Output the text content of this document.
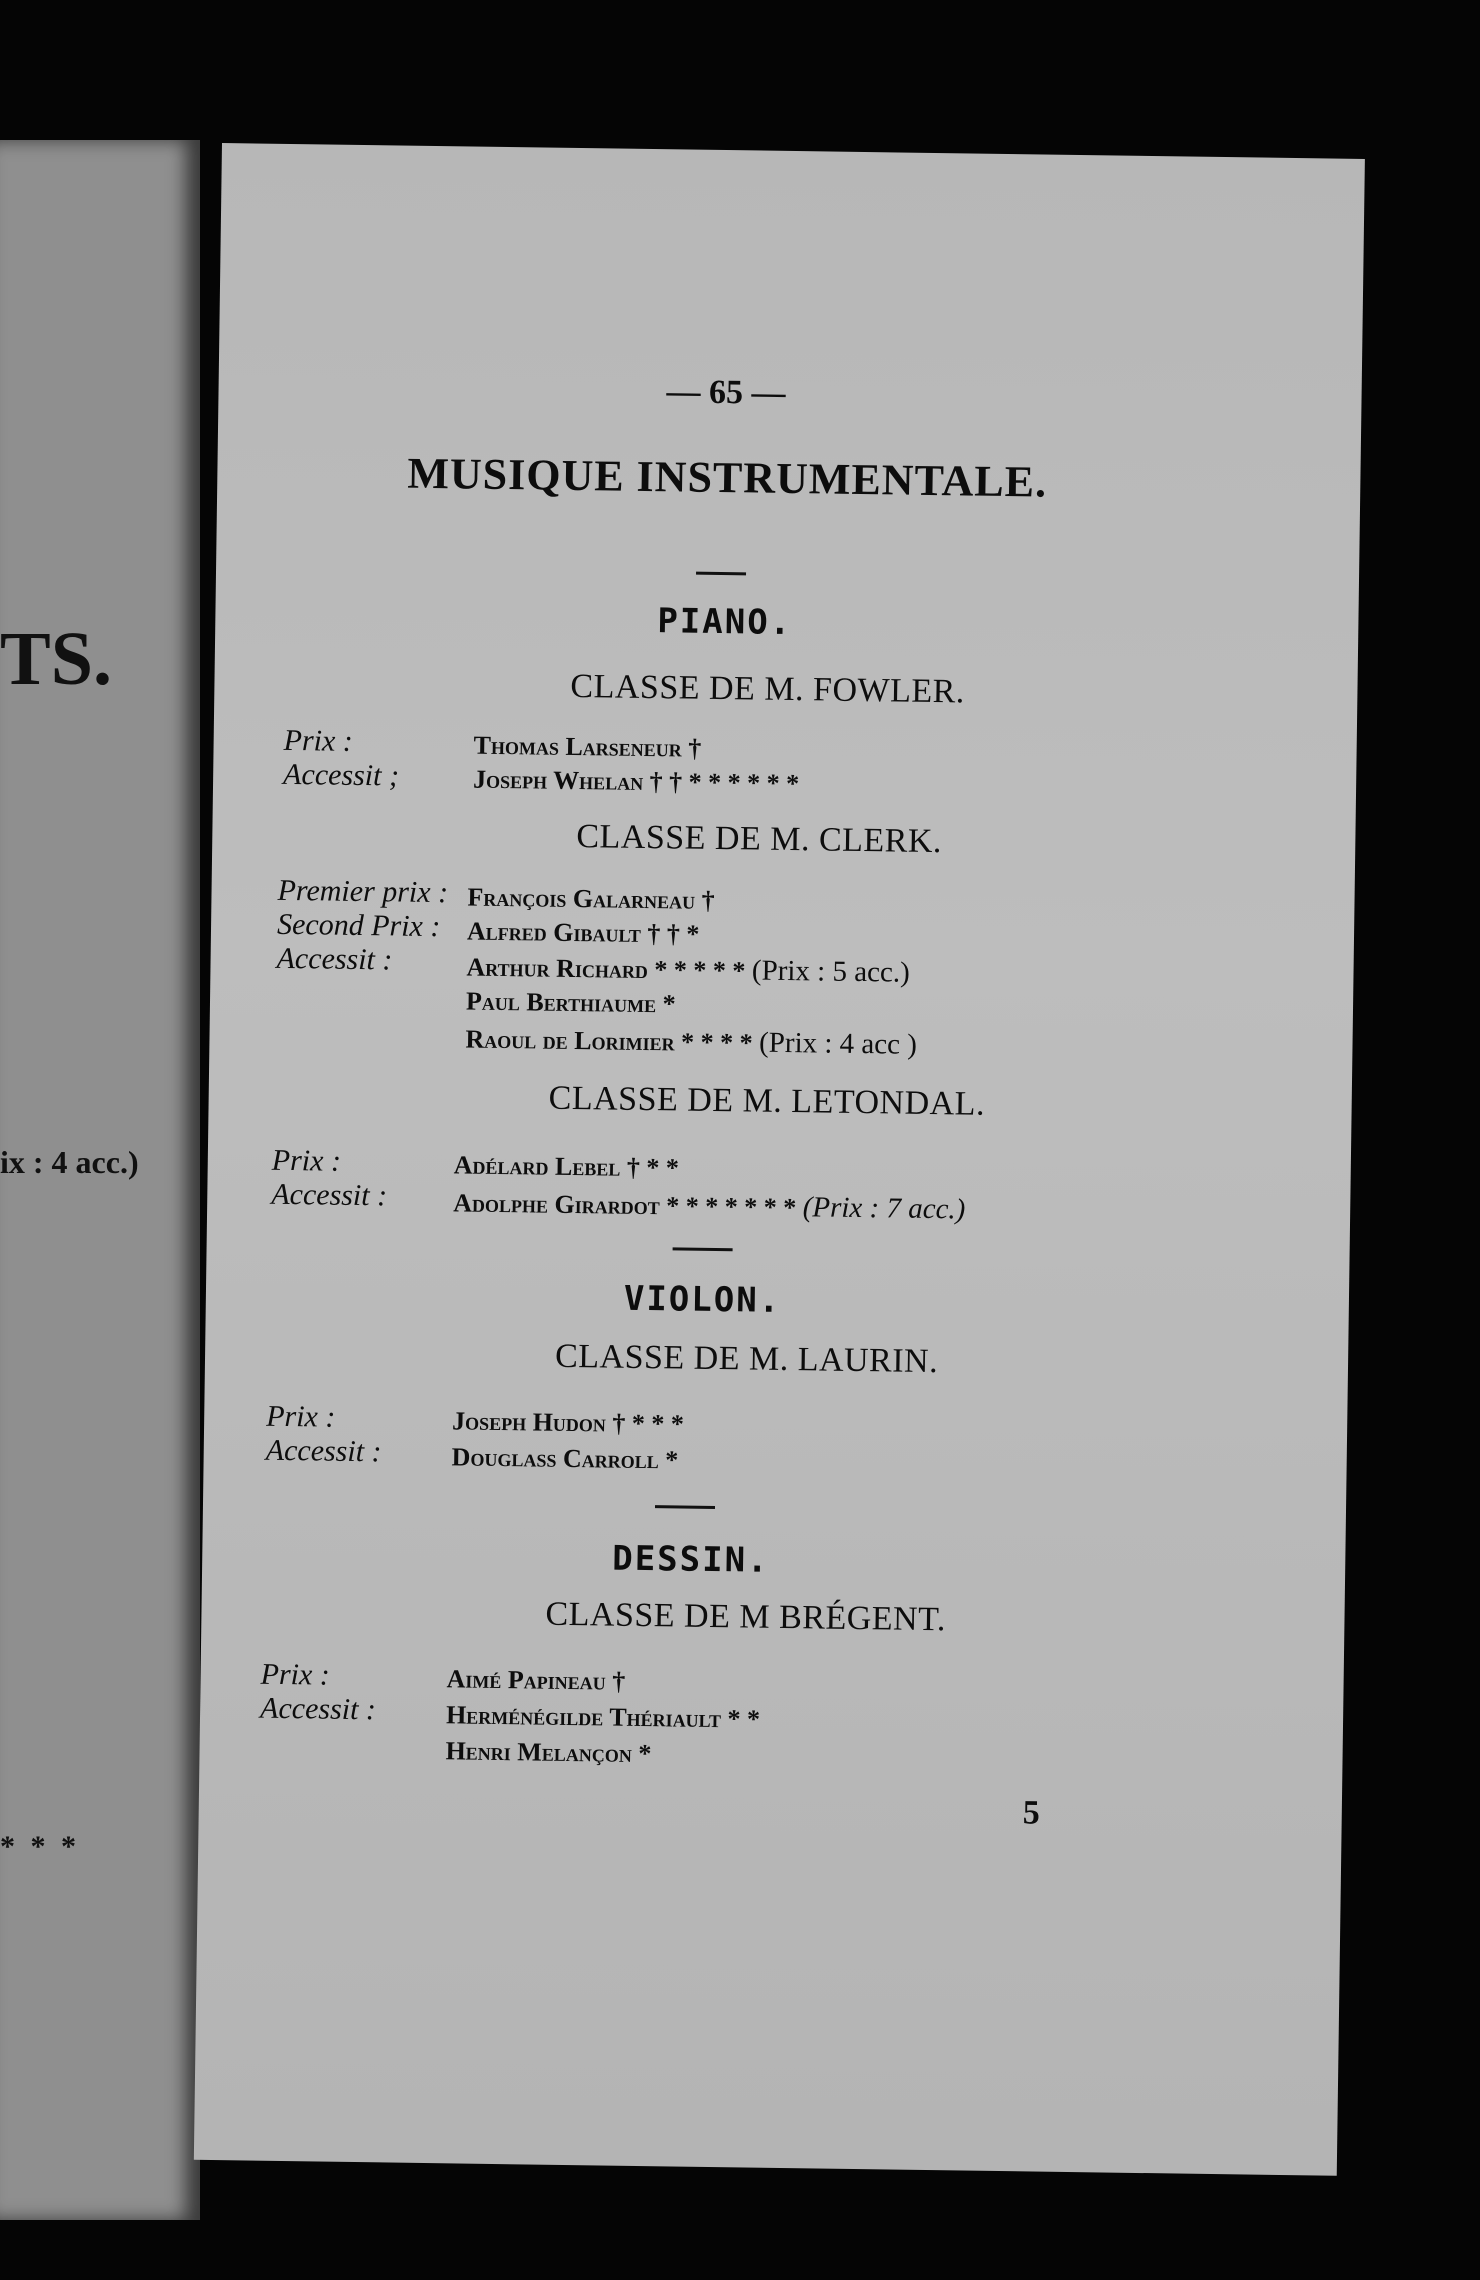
TS.
ix : 4 acc.)
* * *
— 65 —
MUSIQUE INSTRUMENTALE.
PIANO.
CLASSE DE M. FOWLER.
Prix :
Accessit ;
Thomas Larseneur †
Joseph Whelan † † * * * * * *
CLASSE DE M. CLERK.
Premier prix :
Second Prix :
Accessit :
François Galarneau †
Alfred Gibault † † *
Arthur Richard * * * * * (Prix : 5 acc.)
Paul Berthiaume *
Raoul de Lorimier * * * * (Prix : 4 acc )
CLASSE DE M. LETONDAL.
Prix :
Accessit :
Adélard Lebel † * *
Adolphe Girardot * * * * * * * (Prix : 7 acc.)
VIOLON.
CLASSE DE M. LAURIN.
Prix :
Accessit :
Joseph Hudon † * * *
Douglass Carroll *
DESSIN.
CLASSE DE M BRÉGENT.
Prix :
Accessit :
Aimé Papineau †
Herménégilde Thériault * *
Henri Melançon *
5
